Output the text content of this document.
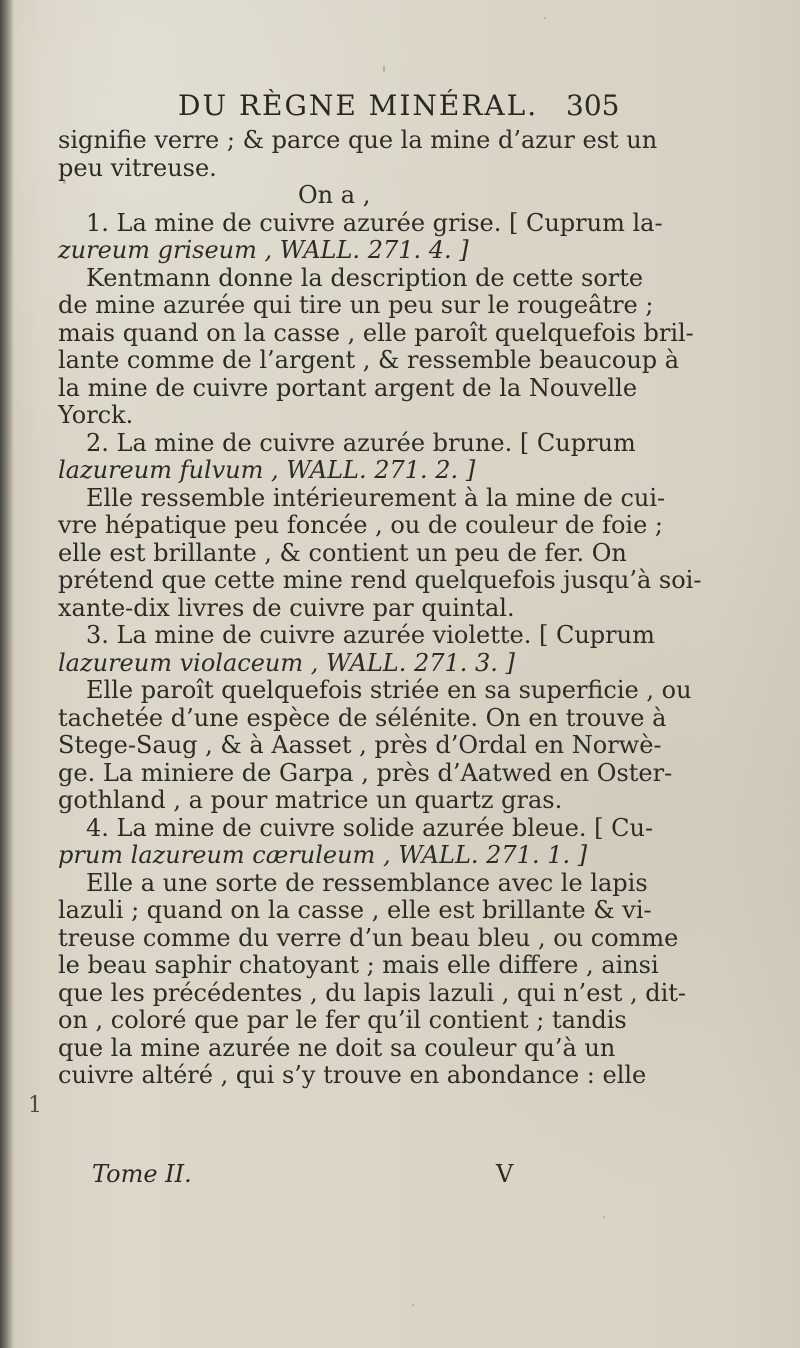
DU RÈGNE MINÉRAL. 305
signifie verre ; & parce que la mine d’azur est un
peu vitreuse.
On a ,
1. La mine de cuivre azurée grise. [ Cuprum la-
zureum griseum , WALL. 271. 4. ]
Kentmann donne la description de cette sorte
de mine azurée qui tire un peu sur le rougeâtre ;
mais quand on la casse , elle paroît quelquefois bril-
lante comme de l’argent , & ressemble beaucoup à
la mine de cuivre portant argent de la Nouvelle
Yorck.
2. La mine de cuivre azurée brune. [ Cuprum
lazureum fulvum , WALL. 271. 2. ]
Elle ressemble intérieurement à la mine de cui-
vre hépatique peu foncée , ou de couleur de foie ;
elle est brillante , & contient un peu de fer. On
prétend que cette mine rend quelquefois jusqu’à soi-
xante-dix livres de cuivre par quintal.
3. La mine de cuivre azurée violette. [ Cuprum
lazureum violaceum , WALL. 271. 3. ]
Elle paroît quelquefois striée en sa superficie , ou
tachetée d’une espèce de sélénite. On en trouve à
Stege-Saug , & à Aasset , près d’Ordal en Norwè-
ge. La miniere de Garpa , près d’Aatwed en Oster-
gothland , a pour matrice un quartz gras.
4. La mine de cuivre solide azurée bleue. [ Cu-
prum lazureum cæruleum , WALL. 271. 1. ]
Elle a une sorte de ressemblance avec le lapis
lazuli ; quand on la casse , elle est brillante & vi-
treuse comme du verre d’un beau bleu , ou comme
le beau saphir chatoyant ; mais elle differe , ainsi
que les précédentes , du lapis lazuli , qui n’est , dit-
on , coloré que par le fer qu’il contient ; tandis
que la mine azurée ne doit sa couleur qu’à un
cuivre altéré , qui s’y trouve en abondance : elle
1
Tome II.	V
